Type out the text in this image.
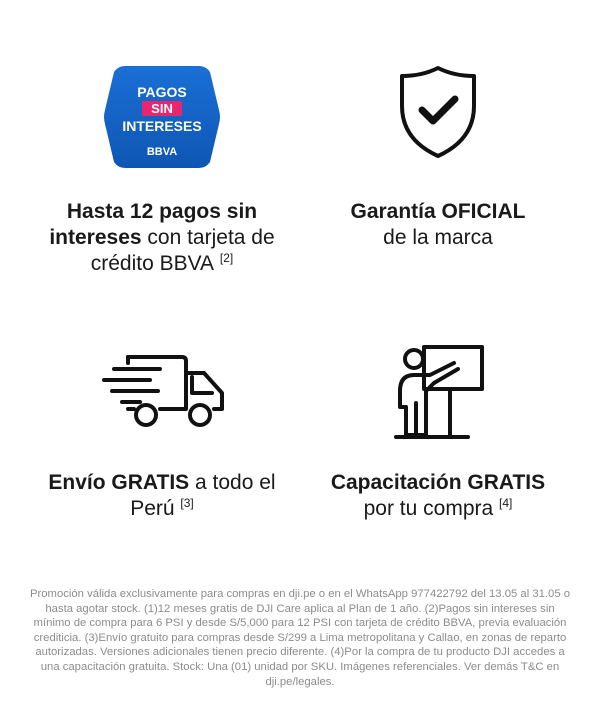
PAGOS
SIN
INTERESES
BBVA
Hasta 12 pagos sin intereses con tarjeta de crédito BBVA [2]
Garantía OFICIAL
de la marca
Envío GRATIS a todo el Perú [3]
Capacitación GRATIS por tu compra [4]
Promoción válida exclusivamente para compras en dji.pe o en el WhatsApp 977422792 del 13.05 al 31.05 o hasta agotar stock. (1)12 meses gratis de DJI Care aplica al Plan de 1 año. (2)Pagos sin intereses sin mínimo de compra para 6 PSI y desde S/5,000 para 12 PSI con tarjeta de crédito BBVA, previa evaluación crediticia. (3)Envío gratuito para compras desde S/299 a Lima metropolitana y Callao, en zonas de reparto autorizadas. Versiones adicionales tienen precio diferente. (4)Por la compra de tu producto DJI accedes a una capacitación gratuita. Stock: Una (01) unidad por SKU. Imágenes referenciales. Ver demás T&C en dji.pe/legales.
